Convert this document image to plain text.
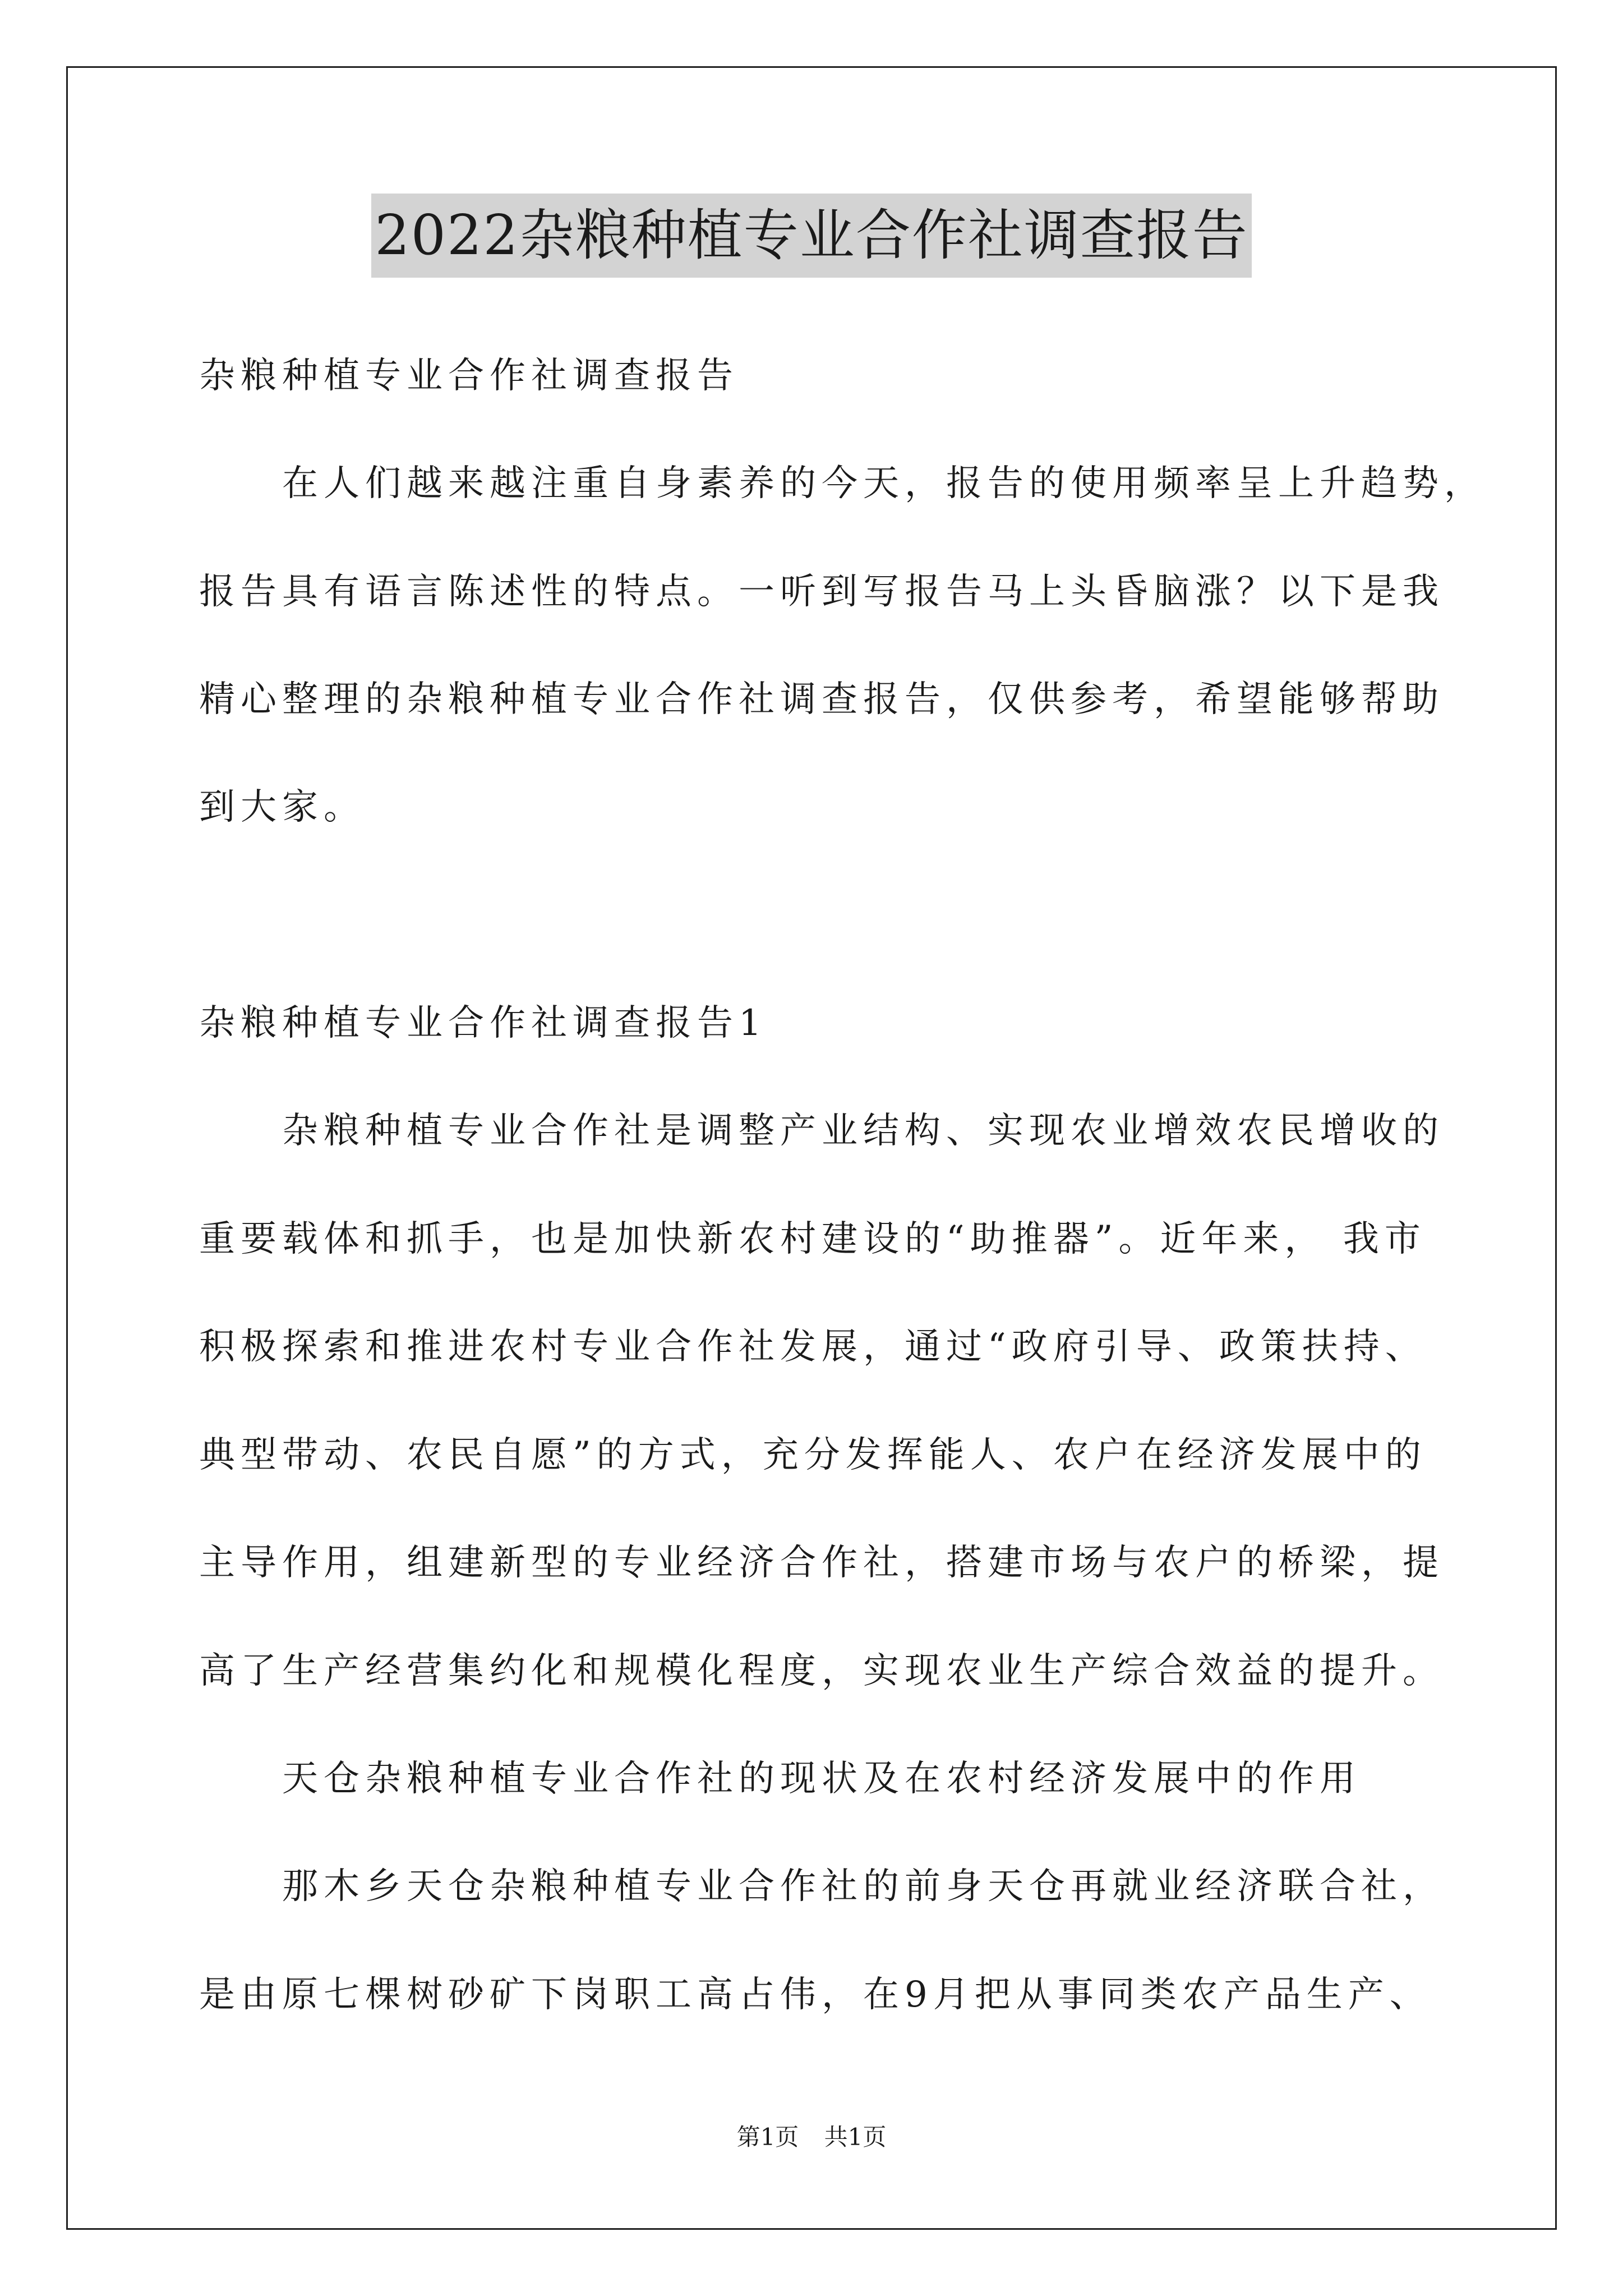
2022杂粮种植专业合作社调查报告
杂粮种植专业合作社调查报告
在人们越来越注重自身素养的今天，报告的使用频率呈上升趋势，
报告具有语言陈述性的特点。一听到写报告马上头昏脑涨？以下是我
精心整理的杂粮种植专业合作社调查报告，仅供参考，希望能够帮助
到大家。
杂粮种植专业合作社调查报告1
杂粮种植专业合作社是调整产业结构、实现农业增效农民增收的
重要载体和抓手，也是加快新农村建设的“助推器”。近年来， 我市
积极探索和推进农村专业合作社发展，通过“政府引导、政策扶持、
典型带动、农民自愿”的方式，充分发挥能人、农户在经济发展中的
主导作用，组建新型的专业经济合作社，搭建市场与农户的桥梁，提
高了生产经营集约化和规模化程度，实现农业生产综合效益的提升。
天仓杂粮种植专业合作社的现状及在农村经济发展中的作用
那木乡天仓杂粮种植专业合作社的前身天仓再就业经济联合社，
是由原七棵树砂矿下岗职工高占伟，在9月把从事同类农产品生产、
第1页 共1页
